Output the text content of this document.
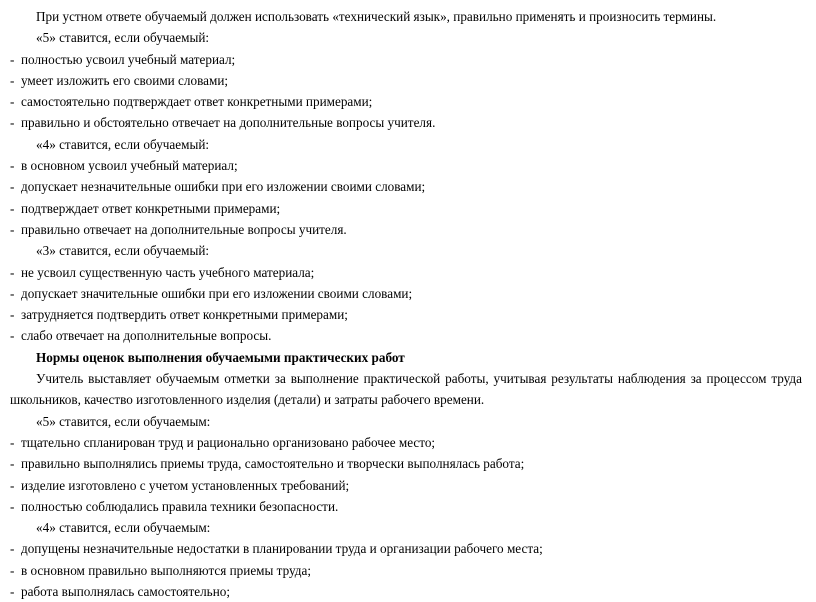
При устном ответе обучаемый должен использовать «технический язык», правильно применять и произносить термины.
«5» ставится, если обучаемый:
-  полностью усвоил учебный материал;
-  умеет изложить его своими словами;
-  самостоятельно подтверждает ответ конкретными примерами;
-  правильно и обстоятельно отвечает на дополнительные вопросы учителя.
«4» ставится, если обучаемый:
-  в основном усвоил учебный материал;
-  допускает незначительные ошибки при его изложении своими словами;
-  подтверждает ответ конкретными примерами;
-  правильно отвечает на дополнительные вопросы учителя.
«3» ставится, если обучаемый:
-  не усвоил существенную часть учебного материала;
-  допускает значительные ошибки при его изложении своими словами;
-  затрудняется подтвердить ответ конкретными примерами;
-  слабо отвечает на дополнительные вопросы.
Нормы оценок выполнения обучаемыми практических работ
Учитель выставляет обучаемым отметки за выполнение практической работы, учитывая результаты наблюдения за процессом труда школьников, качество изготовленного изделия (детали) и затраты рабочего времени.
«5» ставится, если обучаемым:
-  тщательно спланирован труд и рационально организовано рабочее место;
-  правильно выполнялись приемы труда, самостоятельно и творчески выполнялась работа;
-  изделие изготовлено с учетом установленных требований;
-  полностью соблюдались правила техники безопасности.
«4» ставится, если обучаемым:
-  допущены незначительные недостатки в планировании труда и организации рабочего места;
-  в основном правильно выполняются приемы труда;
-  работа выполнялась самостоятельно;
